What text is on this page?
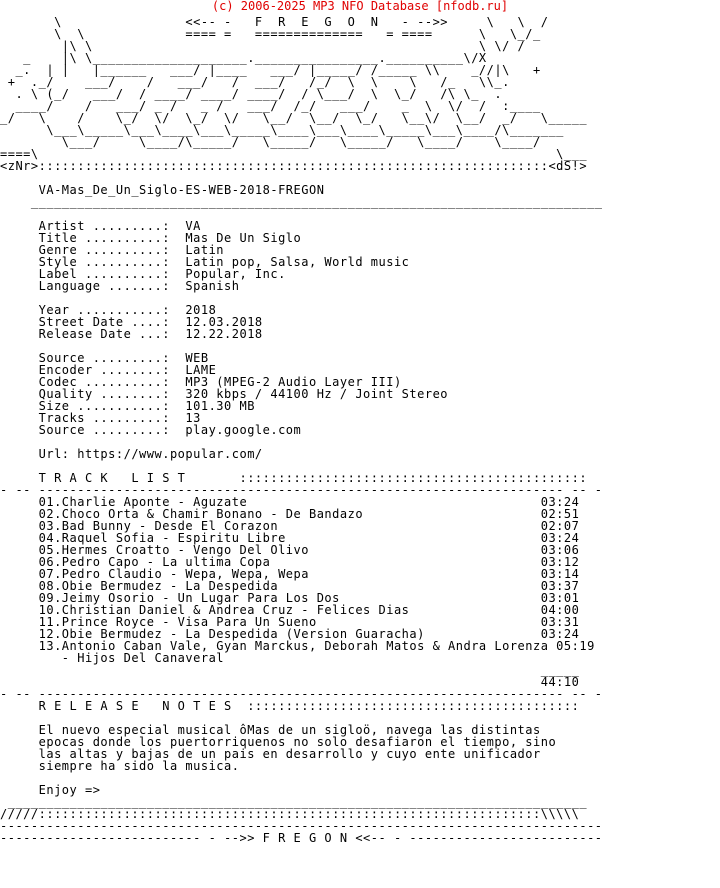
(c) 2006-2025 MP3 NFO Database [nfodb.ru]
\                <<-- -   F  R  E  G  O  N   - -->>     \   \  /
\  \             ==== =   ==============   = ====      \   \_/_
|\ \                                                  \ \/ /
_    |\ \____________________.________________.__________\/X
_.  | |   |______   ___/ |____   ___/ |_____/ /_____ \\    _//|\   +
+  ._/    ___/    /   ___/   /  ___/   /_/  \  \    \   /_   \\_.
. \ (_/   ___/  / ____/ ____/ ____/  / \___/  \  \_/   /\ \_  .
____/    /   ___/ _ /   _ /   ___/  /_/   ___/    _  \  \/  /  :____
_/   \    /    \_/  \/  \_/  \/   \__/  \__/  \_/   \__\/  \__/  _/   \_____
\___\_____\___\____\___\_____\____\___\____\_____\___\____/\_______
\___/     \____/\_____/   \_____/   \_____/   \____/    \____/
====\                                                                   \___
<zNr>::::::::::::::::::::::::::::::::::::::::::::::::::::::::::::::::::<dS!>

VA-Mas_De_Un_Siglo-ES-WEB-2018-FREGON
__________________________________________________________________________

Artist .........:  VA
Title ..........:  Mas De Un Siglo
Genre ..........:  Latin
Style ..........:  Latin pop, Salsa, World music
Label ..........:  Popular, Inc.
Language .......:  Spanish

Year ...........:  2018
Street Date ....:  12.03.2018
Release Date ...:  12.22.2018

Source .........:  WEB
Encoder ........:  LAME
Codec ..........:  MP3 (MPEG-2 Audio Layer III)
Quality ........:  320 kbps / 44100 Hz / Joint Stereo
Size ...........:  101.30 MB
Tracks .........:  13
Source .........:  play.google.com

Url: https://www.popular.com/

T R A C K   L I S T       :::::::::::::::::::::::::::::::::::::::::::::
- -- -------------------------------------------------------------------- -- -
01.Charlie Aponte - Aguzate                                      03:24
02.Choco Orta & Chamir Bonano - De Bandazo                       02:51
03.Bad Bunny - Desde El Corazon                                  02:07
04.Raquel Sofia - Espiritu Libre                                 03:24
05.Hermes Croatto - Vengo Del Olivo                              03:06
06.Pedro Capo - La ultima Copa                                   03:12
07.Pedro Claudio - Wepa, Wepa, Wepa                              03:14
08.Obie Bermudez - La Despedida                                  03:37
09.Jeimy Osorio - Un Lugar Para Los Dos                          03:01
10.Christian Daniel & Andrea Cruz - Felices Dias                 04:00
11.Prince Royce - Visa Para Un Sueno                             03:31
12.Obie Bermudez - La Despedida (Version Guaracha)               03:24
13.Antonio Caban Vale, Gyan Marckus, Deborah Matos & Andra Lorenza 05:19
- Hijos Del Canaveral
_____
44:10
- -- -------------------------------------------------------------------- -- -
R E L E A S E   N O T E S  :::::::::::::::::::::::::::::::::::::::::::

El nuevo especial musical ôMas de un sigloö, navega las distintas
epocas donde los puertorriquenos no solo desafiaron el tiempo, sino
las altas y bajas de un pais en desarrollo y cuyo ente unificador
siempre ha sido la musica.

Enjoy =>
___________________________________________________________________________
/////:::::::::::::::::::::::::::::::::::::::::::::::::::::::::::::::::\\\\\
------------------------------------------------------------------------------
-------------------------- - -->> F R E G O N <<-- - -------------------------
